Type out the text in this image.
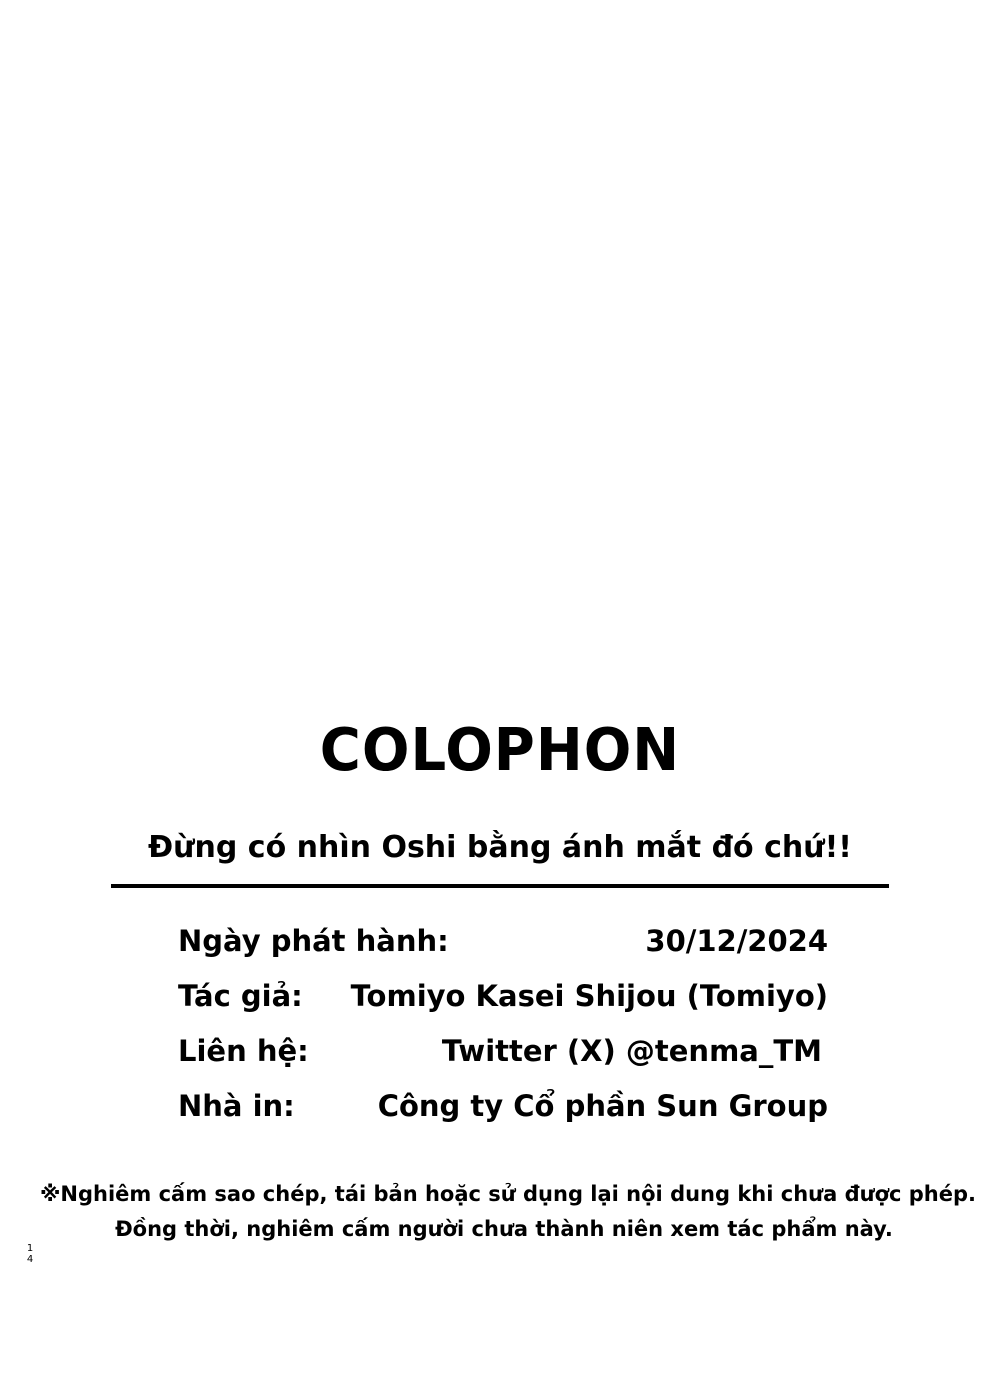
COLOPHON
Đừng có nhìn Oshi bằng ánh mắt đó chứ!!
Ngày phát hành:	30/12/2024
Tác giả: Tomiyo Kasei Shijou (Tomiyo)
Liên hệ:	Twitter (X) @tenma_TM
Nhà in:	Công ty Cổ phần Sun Group
※Nghiêm cấm sao chép, tái bản hoặc sử dụng lại nội dung khi chưa được phép.
Đồng thời, nghiêm cấm người chưa thành niên xem tác phẩm này.
14
